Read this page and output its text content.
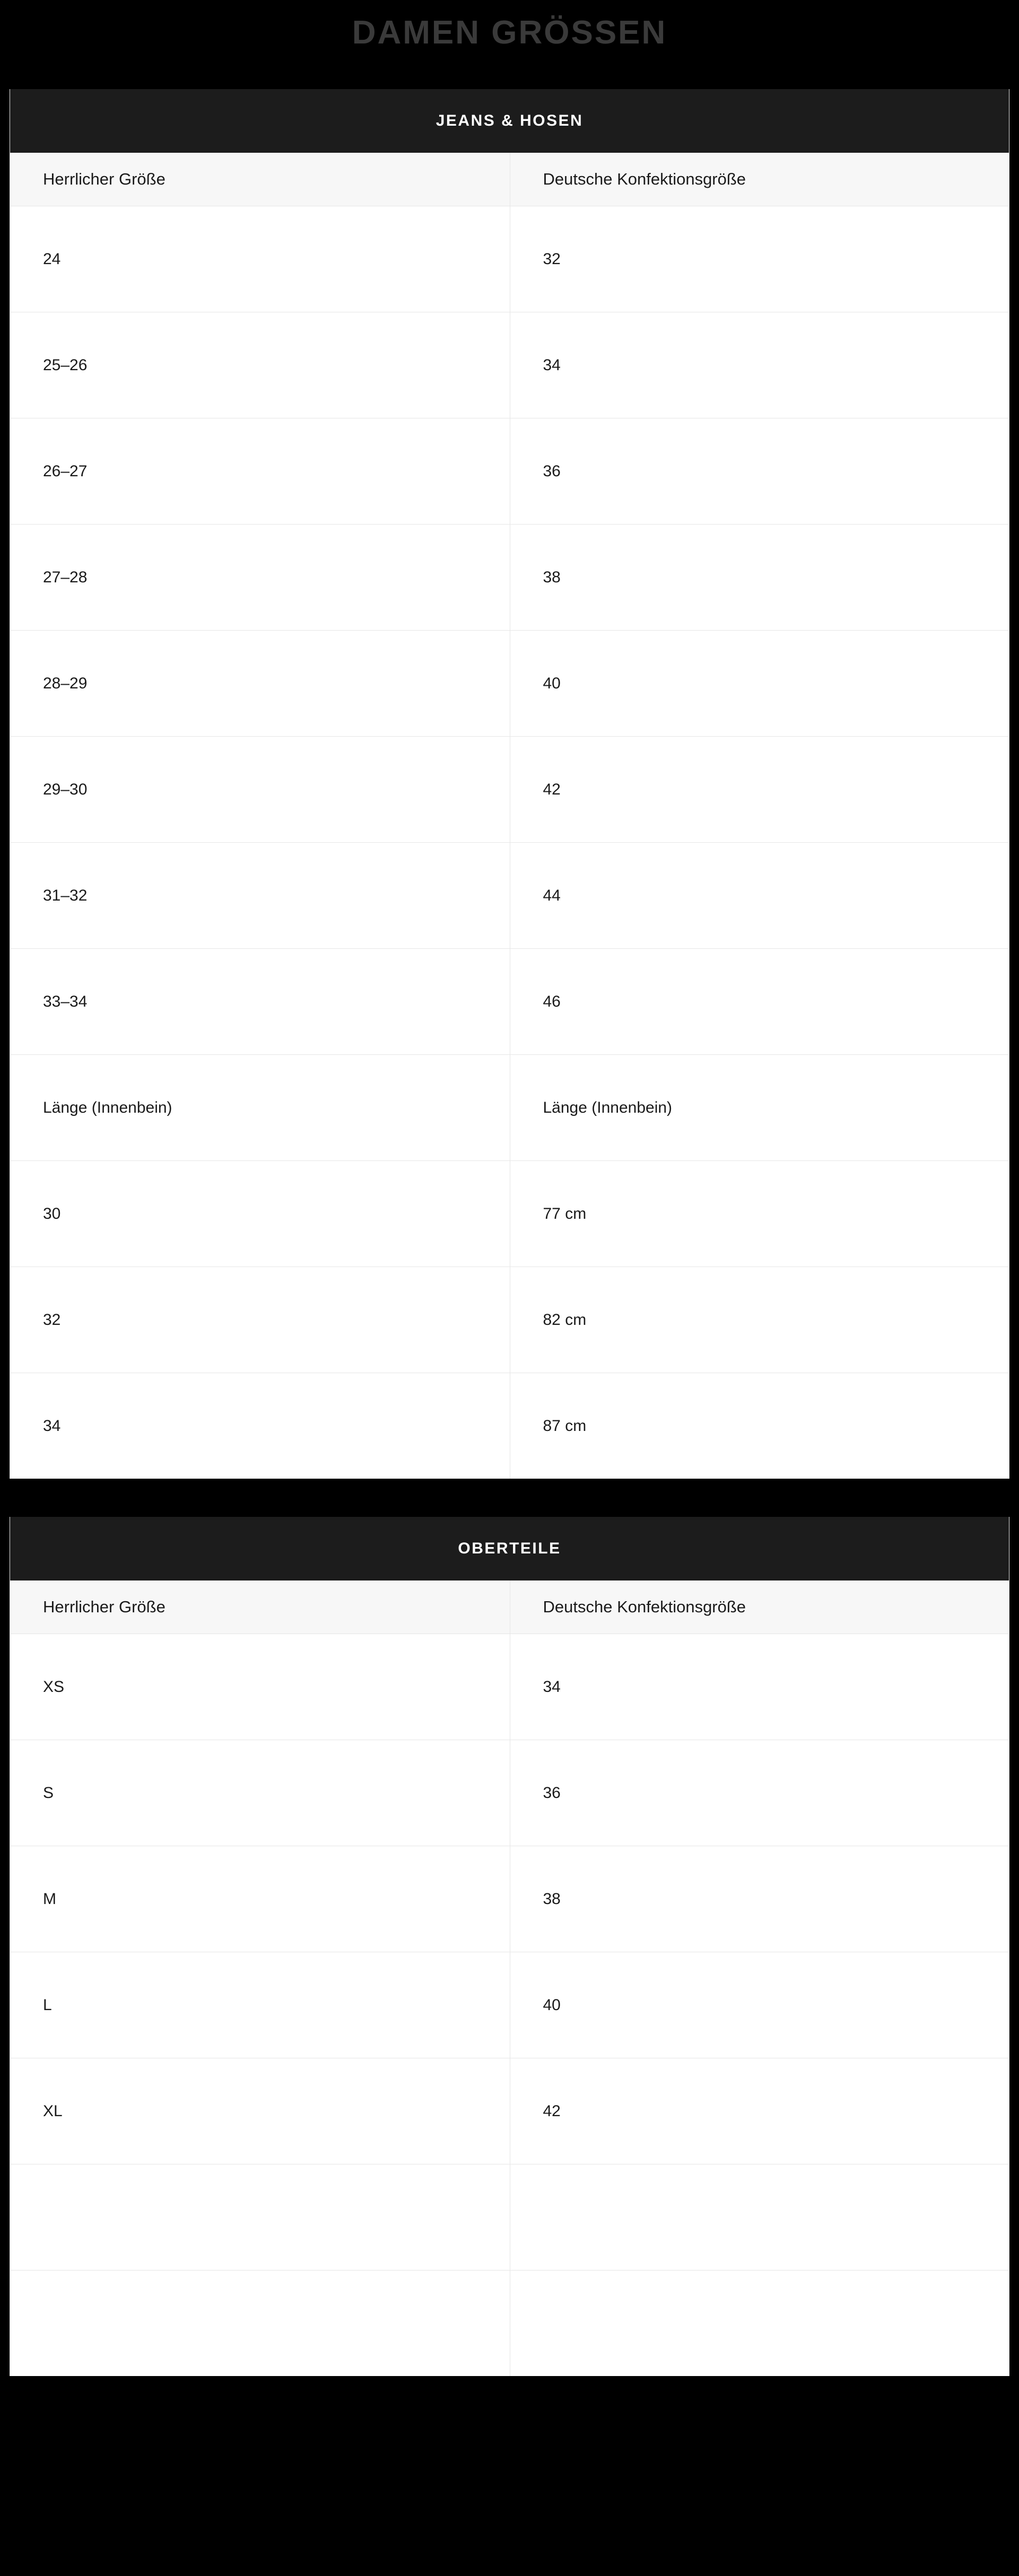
DAMEN GRÖSSEN
JEANS & HOSEN
Herrlicher Größe	Deutsche Konfektionsgröße
24	32
25–26	34
26–27	36
27–28	38
28–29	40
29–30	42
31–32	44
33–34	46
Länge (Innenbein)	Länge (Innenbein)
30	77 cm
32	82 cm
34	87 cm
OBERTEILE
Herrlicher Größe	Deutsche Konfektionsgröße
XS	34
S	36
M	38
L	40
XL	42
